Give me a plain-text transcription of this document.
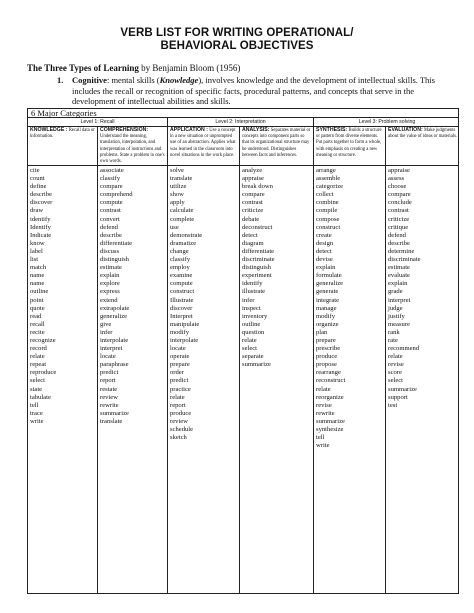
VERB LIST FOR WRITING OPERATIONAL/
BEHAVIORAL OBJECTIVES
The Three Types of Learning by Benjamin Bloom (1956)
1. Cognitive: mental skills (Knowledge), involves knowledge and the development of intellectual skills. This includes the recall or recognition of specific facts, procedural patterns, and concepts that serve in the development of intellectual abilities and skills.
6 Major Categories
Level 1: Recall	Level 2: Interpretation	Level 3: Problem solving
KNOWLEDGE : Recall data or information.
COMPREHENSION: Understand the meaning, translation, interpolation, and interpretation of instructions and problems. State a problem in one's own words.
APPLICATION : Use a concept in a new situation or unprompted use of an abstraction. Applies what was learned in the classroom into novel situations in the work place.
ANALYSIS: Separates material or concepts into component parts so that its organizational structure may be understood. Distinguishes between facts and inferences.
SYNTHESIS: Builds a structure or pattern from diverse elements. Put parts together to form a whole, with emphasis on creating a new meaning or structure.
EVALUATION: Make judgments about the value of ideas or materials.
cite
count
define
describe
discover
draw
identify
Identify
Indicate
know
label
list
match
name
name
outline
point
quote
read
recall
recite
recognize
record
relate
repeat
reproduce
select
state
tabulate
tell
trace
write
associate
classify
compare
comprehend
compute
contrast
convert
defend
describe
differentiate
discuss
distinguish
estimate
explain
explore
express
extend
extrapolate
generalize
give
infer
interpolate
interpret
locate
paraphrase
predict
report
restate
review
rewrite
summarize
translate
solve
translate
utilize
show
apply
calculate
complete
use
demonstrate
dramatize
change
classify
employ
examine
compute
construct
Illustrate
discover
Interpret
manipulate
modify
interpolate
locate
operate
prepare
order
predict
practice
relate
report
produce
review
schedule
sketch
analyze
appraise
break down
compare
contrast
criticize
debate
deconstruct
detect
diagram
differentiate
discriminate
distinguish
experiment
identify
illustrate
infer
inspect
inventory
outline
question
relate
select
separate
summarize
arrange
assemble
categorize
collect
combine
compile
compose
construct
create
design
detect
devise
explain
formulate
generalize
generate
integrate
manage
modify
organize
plan
prepare
prescribe
produce
propose
rearrange
reconstruct
relate
reorganize
revise
rewrite
summarize
synthesize
tell
write
appraise
assess
choose
compare
conclude
contrast
criticize
critique
defend
describe
determine
discriminate
estimate
evaluate
explain
grade
interpret
judge
justify
measure
rank
rate
recommend
relate
revise
score
select
summarize
support
test
